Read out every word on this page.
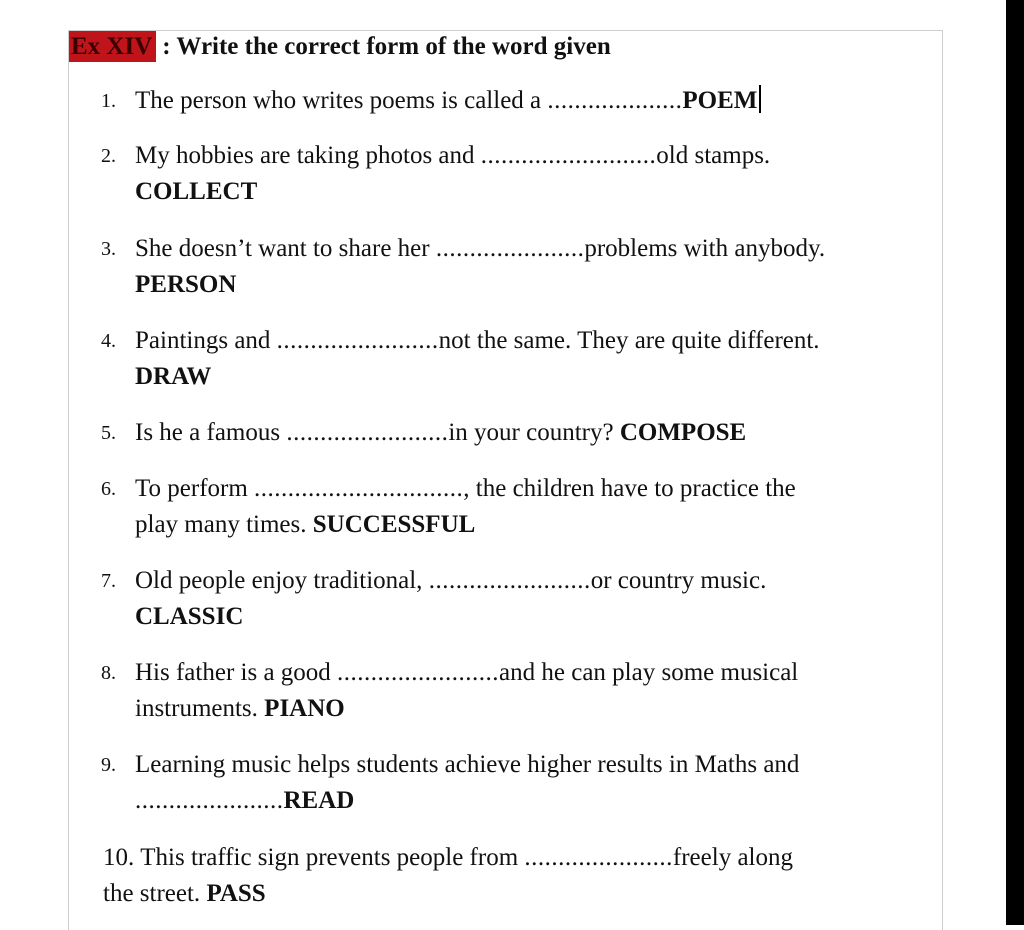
Ex XIV : Write the correct form of the word given
1. The person who writes poems is called a ....................POEM
2. My hobbies are taking photos and ..........................old stamps.
COLLECT
3. She doesn’t want to share her ......................problems with anybody.
PERSON
4. Paintings and ........................not the same. They are quite different.
DRAW
5. Is he a famous ........................in your country? COMPOSE
6. To perform ..............................., the children have to practice the
play many times. SUCCESSFUL
7. Old people enjoy traditional, ........................or country music.
CLASSIC
8. His father is a good ........................and he can play some musical
instruments. PIANO
9. Learning music helps students achieve higher results in Maths and
......................READ
10. This traffic sign prevents people from ......................freely along
the street. PASS
